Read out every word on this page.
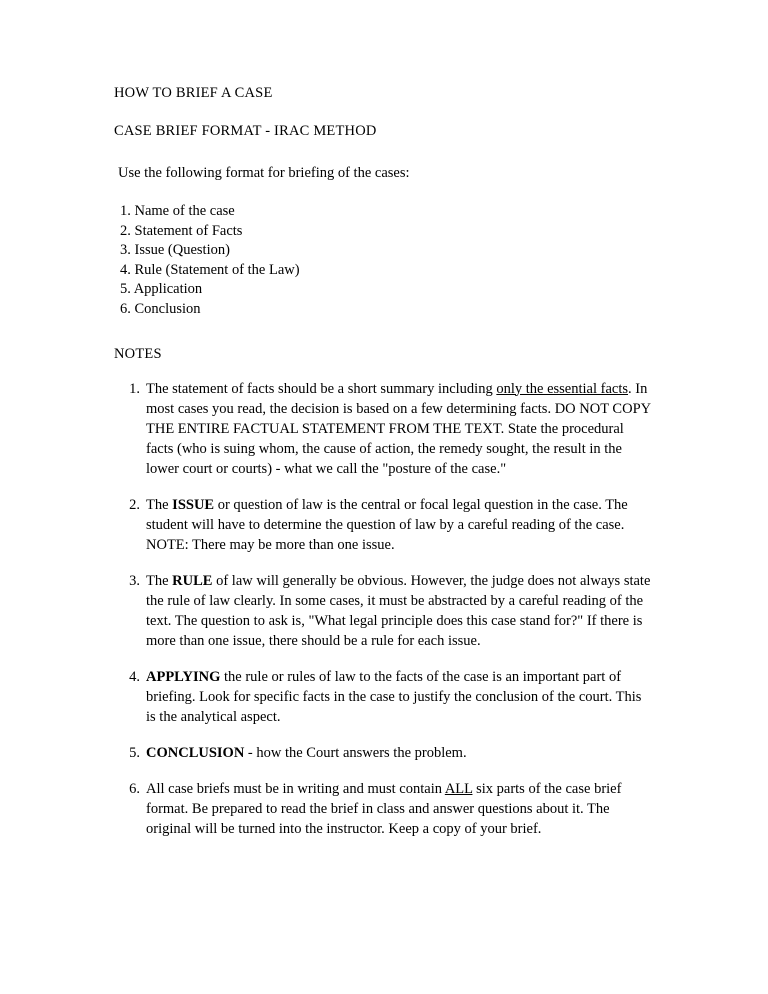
HOW TO BRIEF A CASE

CASE BRIEF FORMAT - IRAC METHOD

Use the following format for briefing of the cases:

1. Name of the case
2. Statement of Facts
3. Issue (Question)
4. Rule (Statement of the Law)
5. Application
6. Conclusion

NOTES

1. The statement of facts should be a short summary including only the essential facts. In most cases you read, the decision is based on a few determining facts. DO NOT COPY THE ENTIRE FACTUAL STATEMENT FROM THE TEXT. State the procedural facts (who is suing whom, the cause of action, the remedy sought, the result in the lower court or courts) - what we call the "posture of the case."
2. The ISSUE or question of law is the central or focal legal question in the case. The student will have to determine the question of law by a careful reading of the case. NOTE: There may be more than one issue.
3. The RULE of law will generally be obvious. However, the judge does not always state the rule of law clearly. In some cases, it must be abstracted by a careful reading of the text. The question to ask is, "What legal principle does this case stand for?" If there is more than one issue, there should be a rule for each issue.
4. APPLYING the rule or rules of law to the facts of the case is an important part of briefing. Look for specific facts in the case to justify the conclusion of the court. This is the analytical aspect.
5. CONCLUSION - how the Court answers the problem.
6. All case briefs must be in writing and must contain ALL six parts of the case brief format. Be prepared to read the brief in class and answer questions about it. The original will be turned into the instructor. Keep a copy of your brief.
